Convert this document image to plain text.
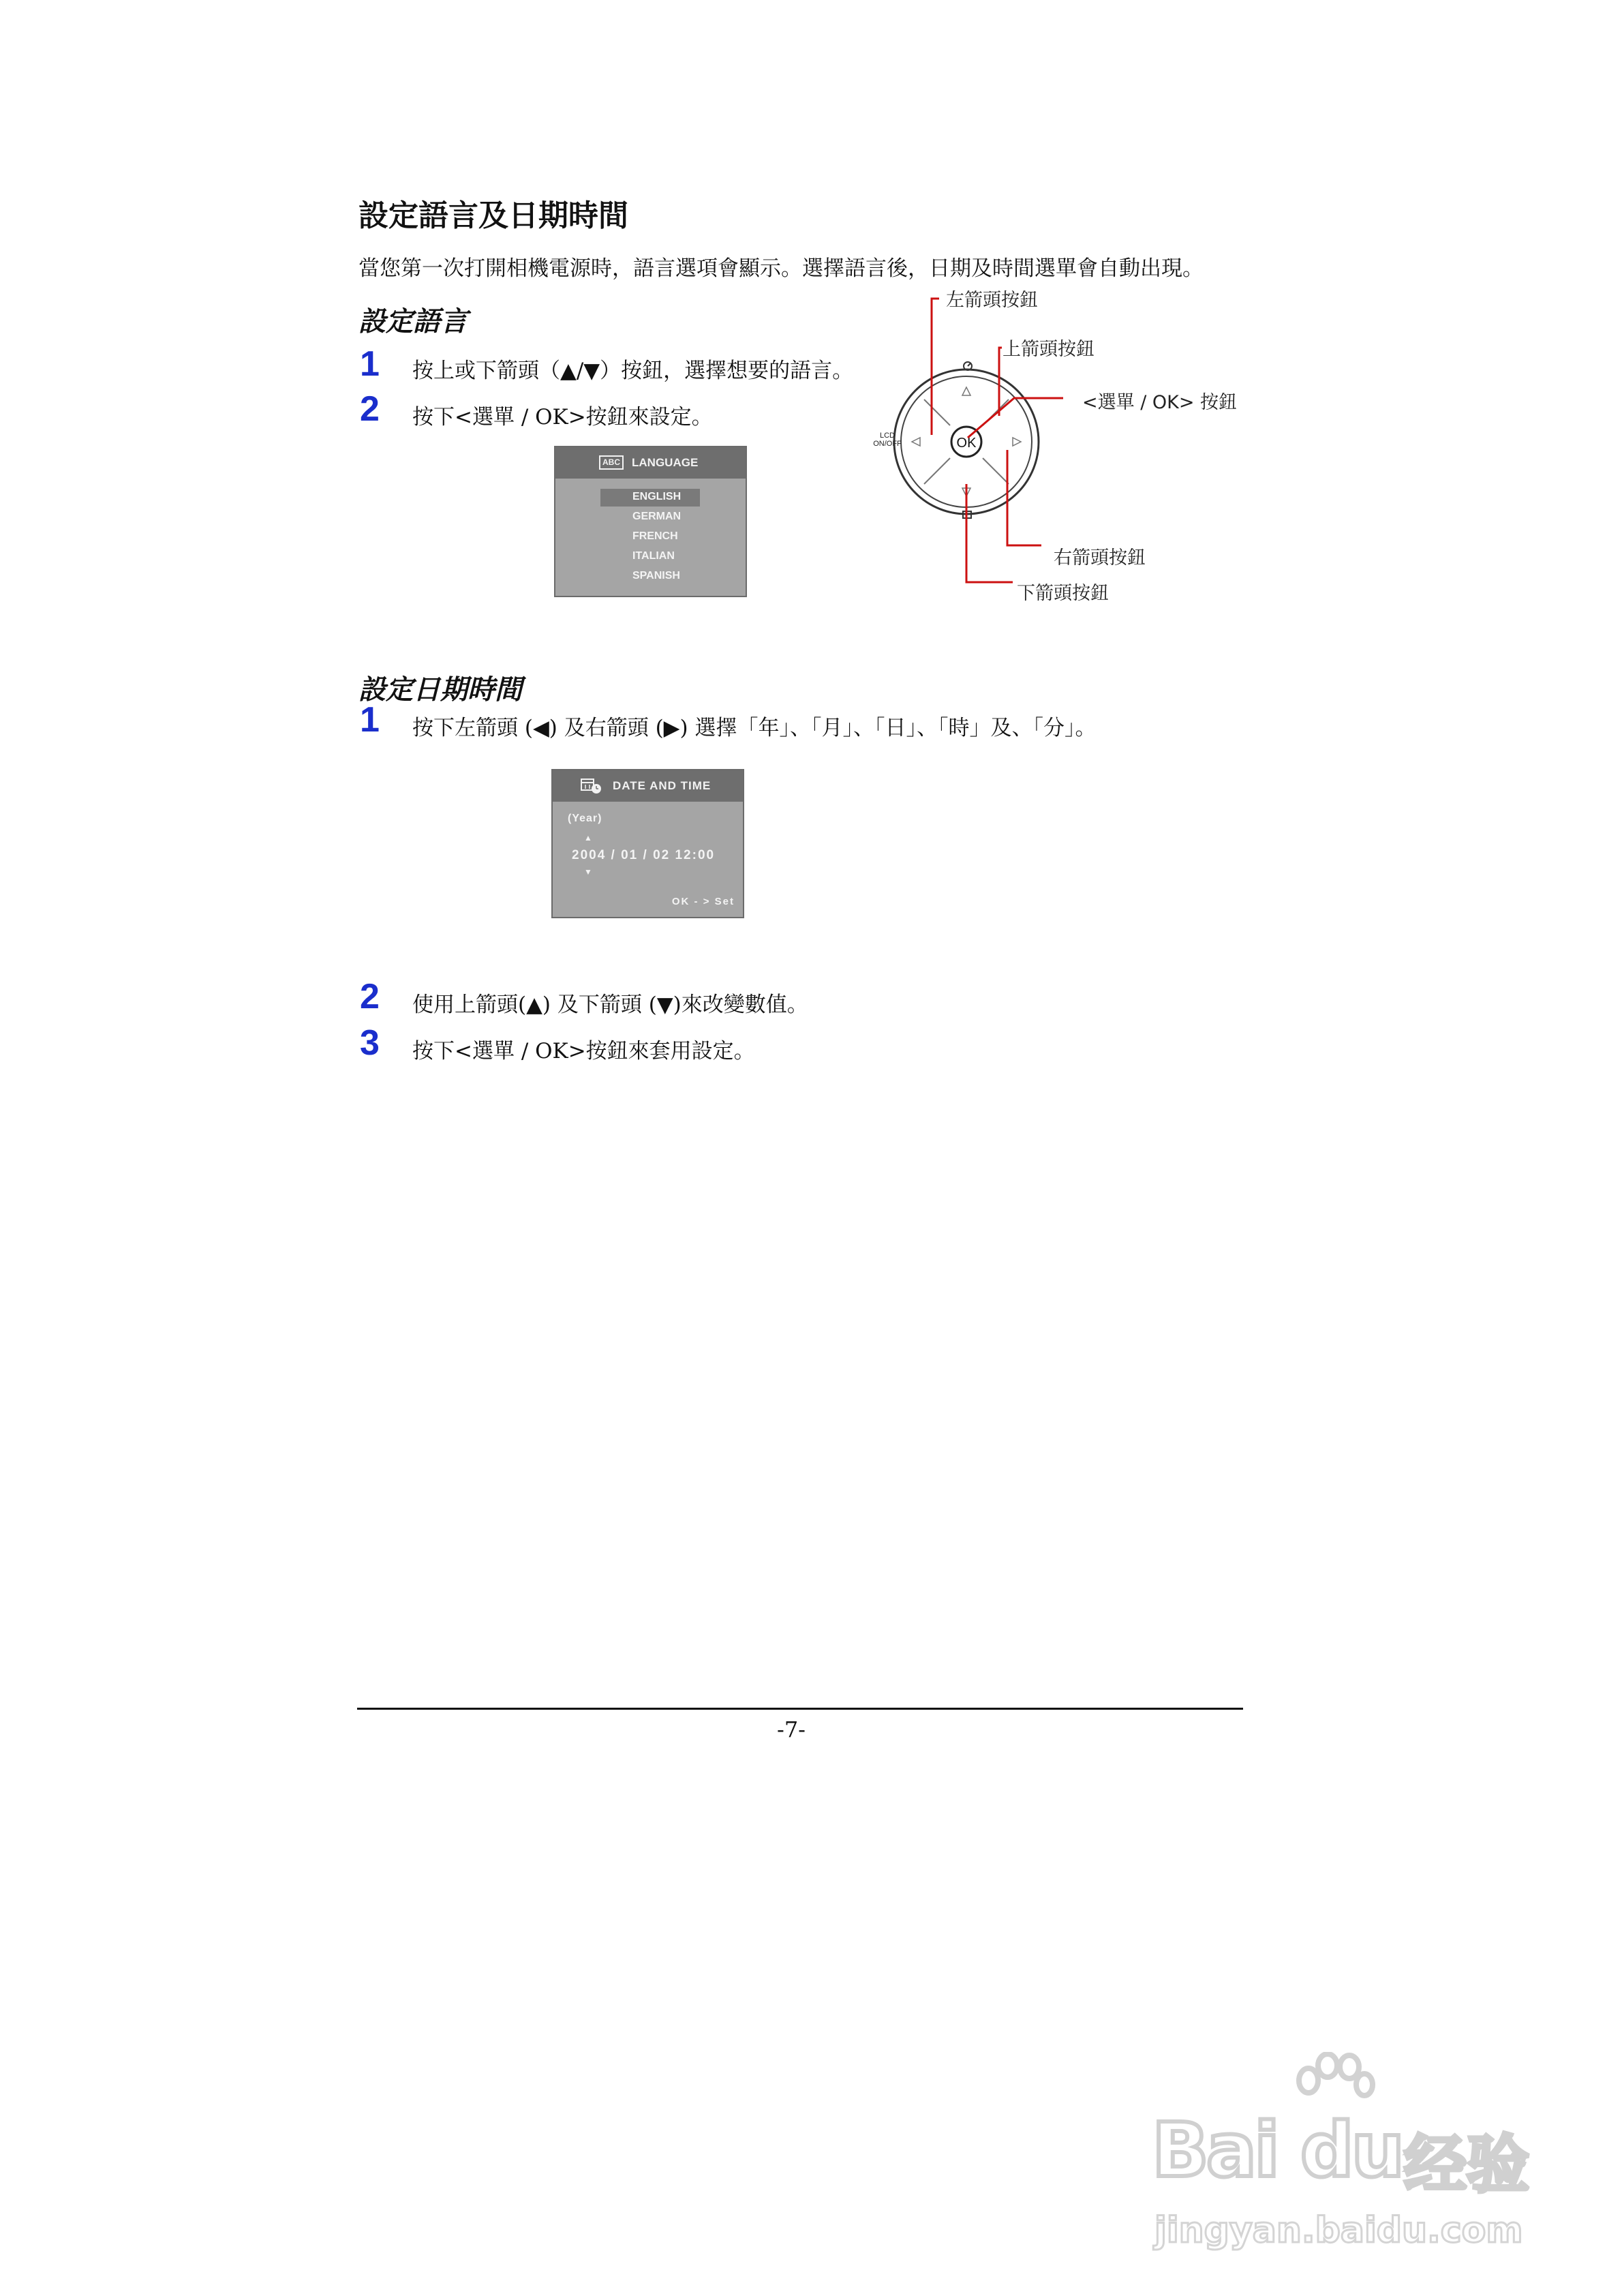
設定語言及日期時間
當您第一次打開相機電源時，語言選項會顯示。選擇語言後，日期及時間選單會自動出現。
設定語言
1 按上或下箭頭（▲/▼）按鈕，選擇想要的語言。
2 按下<選單 / OK>按鈕來設定。
ABC LANGUAGE
ENGLISH
GERMAN
FRENCH
ITALIAN
SPANISH
OK
LCD
ON/OFF
左箭頭按鈕
上箭頭按鈕
<選單 / OK> 按鈕
右箭頭按鈕
下箭頭按鈕
設定日期時間
1 按下左箭頭 (◀) 及右箭頭 (▶) 選擇「年」、「月」、「日」、「時」及、「分」。
DATE AND TIME
(Year)
▲
2004 / 01 / 02 12:00
▼
OK - > Set
2 使用上箭頭(▲) 及下箭頭 (▼)來改變數值。
3 按下<選單 / OK>按鈕來套用設定。
-7-
Bai du 经验
jingyan.baidu.com
